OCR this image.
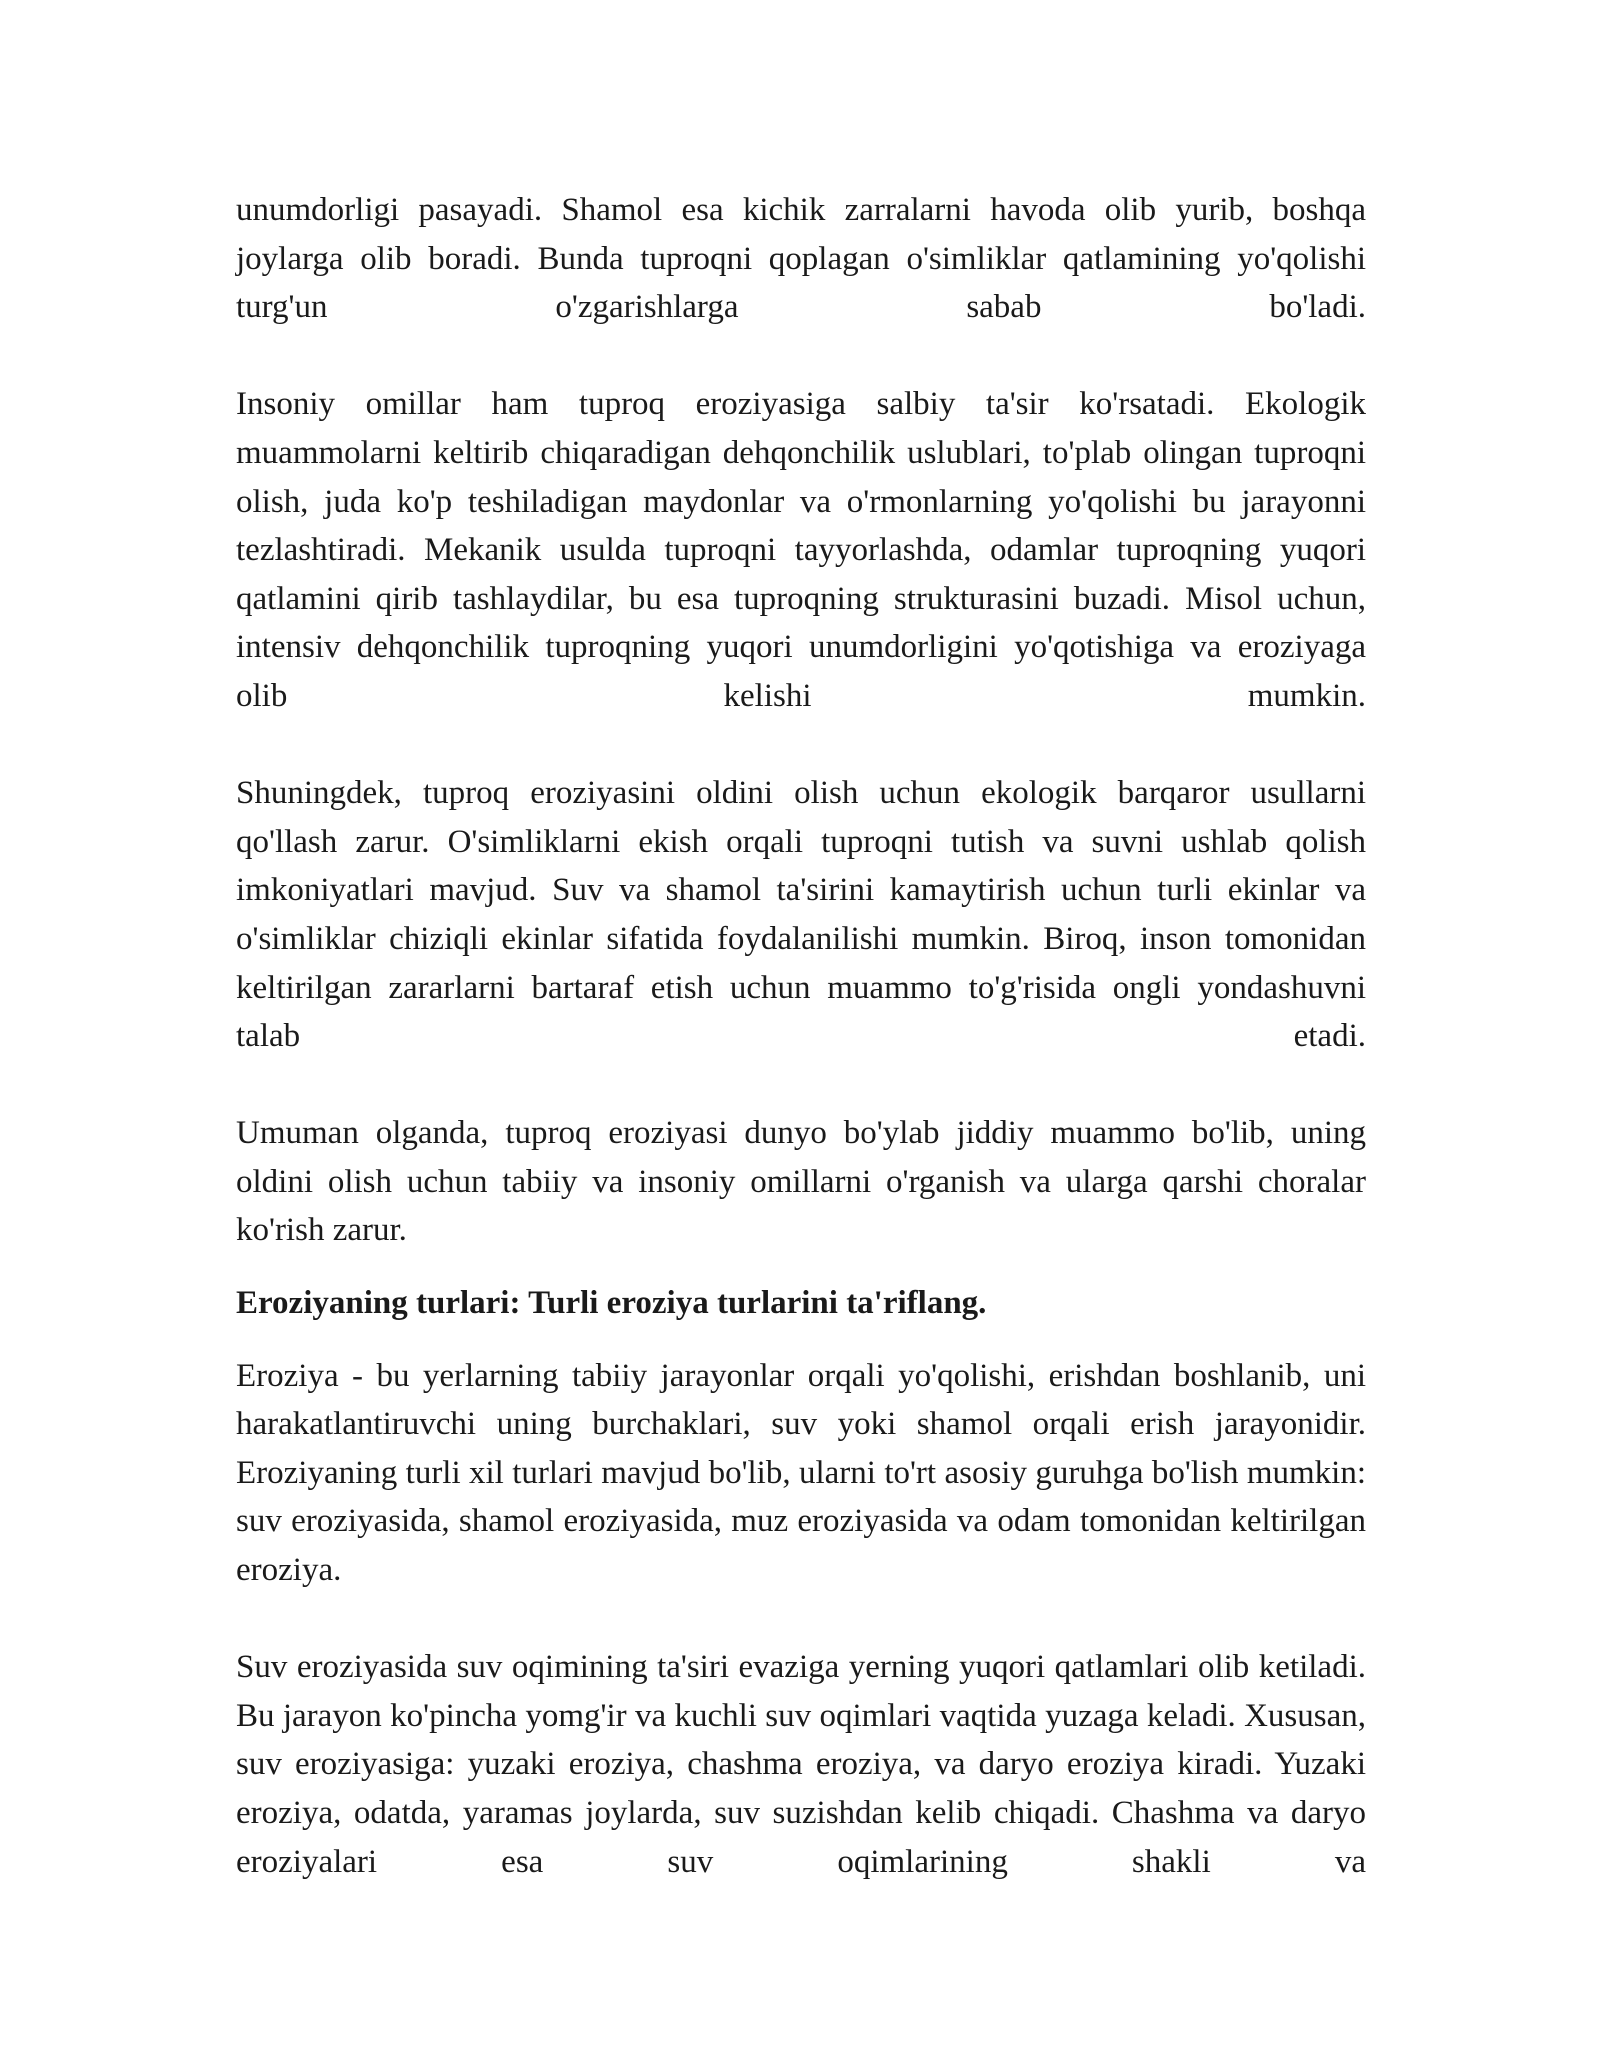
unumdorligi pasayadi. Shamol esa kichik zarralarni havoda olib yurib, boshqa joylarga olib boradi. Bunda tuproqni qoplagan o'simliklar qatlamining yo'qolishi turg'un o'zgarishlarga sabab bo'ladi.

Insoniy omillar ham tuproq eroziyasiga salbiy ta'sir ko'rsatadi. Ekologik muammolarni keltirib chiqaradigan dehqonchilik uslublari, to'plab olingan tuproqni olish, juda ko'p teshiladigan maydonlar va o'rmonlarning yo'qolishi bu jarayonni tezlashtiradi. Mekanik usulda tuproqni tayyorlashda, odamlar tuproqning yuqori qatlamini qirib tashlaydilar, bu esa tuproqning strukturasini buzadi. Misol uchun, intensiv dehqonchilik tuproqning yuqori unumdorligini yo'qotishiga va eroziyaga olib kelishi mumkin.

Shuningdek, tuproq eroziyasini oldini olish uchun ekologik barqaror usullarni qo'llash zarur. O'simliklarni ekish orqali tuproqni tutish va suvni ushlab qolish imkoniyatlari mavjud. Suv va shamol ta'sirini kamaytirish uchun turli ekinlar va o'simliklar chiziqli ekinlar sifatida foydalanilishi mumkin. Biroq, inson tomonidan keltirilgan zararlarni bartaraf etish uchun muammo to'g'risida ongli yondashuvni talab etadi.

Umuman olganda, tuproq eroziyasi dunyo bo'ylab jiddiy muammo bo'lib, uning oldini olish uchun tabiiy va insoniy omillarni o'rganish va ularga qarshi choralar ko'rish zarur.

Eroziyaning turlari: Turli eroziya turlarini ta'riflang.

Eroziya - bu yerlarning tabiiy jarayonlar orqali yo'qolishi, erishdan boshlanib, uni harakatlantiruvchi uning burchaklari, suv yoki shamol orqali erish jarayonidir. Eroziyaning turli xil turlari mavjud bo'lib, ularni to'rt asosiy guruhga bo'lish mumkin: suv eroziyasida, shamol eroziyasida, muz eroziyasida va odam tomonidan keltirilgan eroziya.

Suv eroziyasida suv oqimining ta'siri evaziga yerning yuqori qatlamlari olib ketiladi. Bu jarayon ko'pincha yomg'ir va kuchli suv oqimlari vaqtida yuzaga keladi. Xususan, suv eroziyasiga: yuzaki eroziya, chashma eroziya, va daryo eroziya kiradi. Yuzaki eroziya, odatda, yaramas joylarda, suv suzishdan kelib chiqadi. Chashma va daryo eroziyalari esa suv oqimlarining shakli va
